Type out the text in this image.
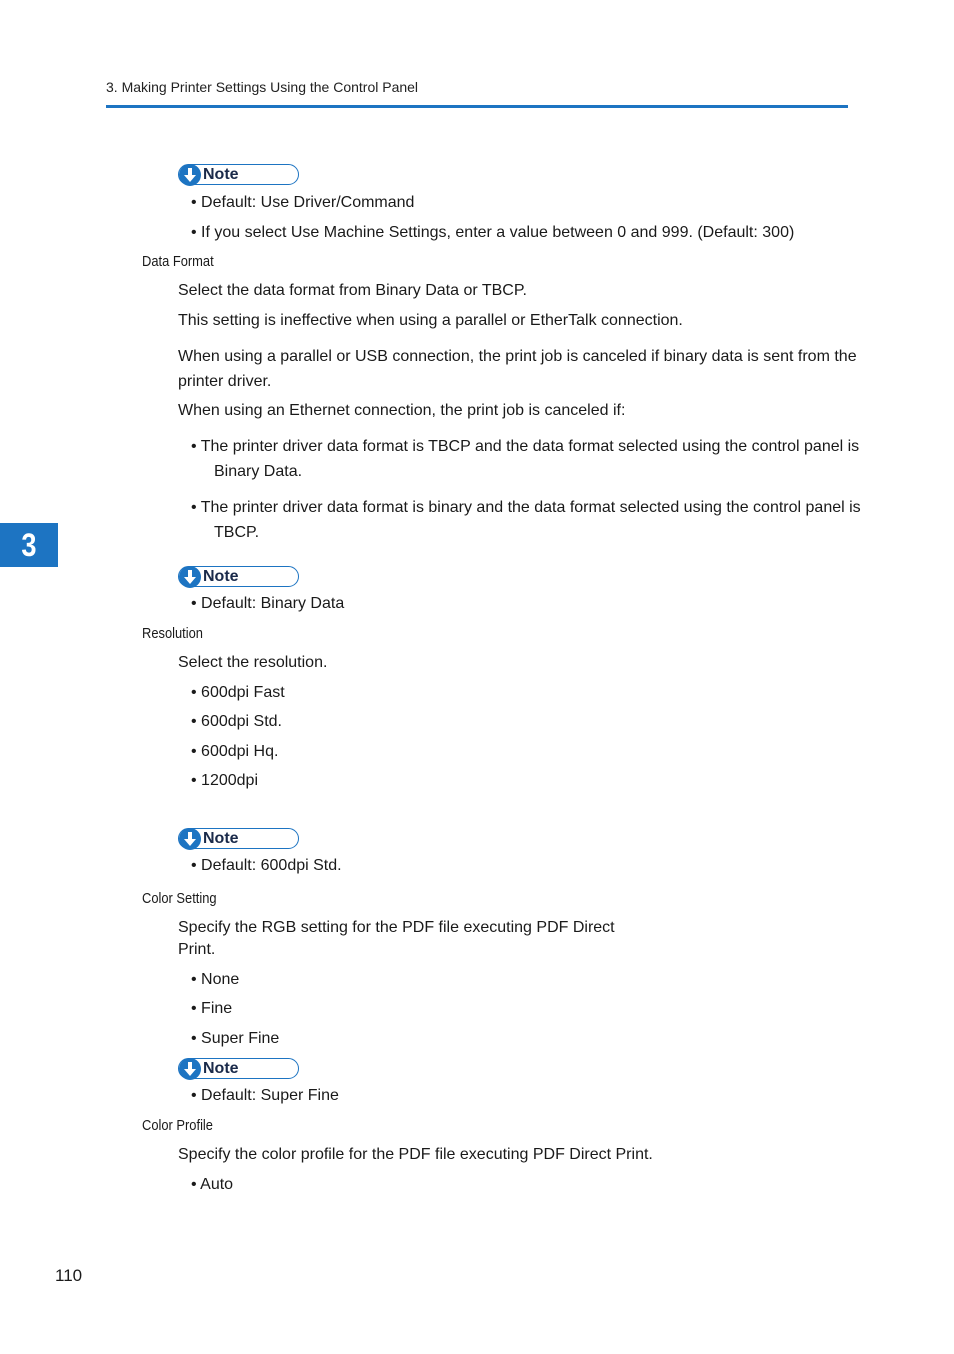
3. Making Printer Settings Using the Control Panel
3
Note
• Default: Use Driver/Command
• If you select Use Machine Settings, enter a value between 0 and 999. (Default: 300)
Data Format
Select the data format from Binary Data or TBCP.
This setting is ineffective when using a parallel or EtherTalk connection.
When using a parallel or USB connection, the print job is canceled if binary data is sent from the
printer driver.
When using an Ethernet connection, the print job is canceled if:
• The printer driver data format is TBCP and the data format selected using the control panel is
Binary Data.
• The printer driver data format is binary and the data format selected using the control panel is
TBCP.
Note
• Default: Binary Data
Resolution
Select the resolution.
• 600dpi Fast
• 600dpi Std.
• 600dpi Hq.
• 1200dpi
Note
• Default: 600dpi Std.
Color Setting
Specify the RGB setting for the PDF file executing PDF Direct
Print.
• None
• Fine
• Super Fine
Note
• Default: Super Fine
Color Profile
Specify the color profile for the PDF file executing PDF Direct Print.
• Auto
110
